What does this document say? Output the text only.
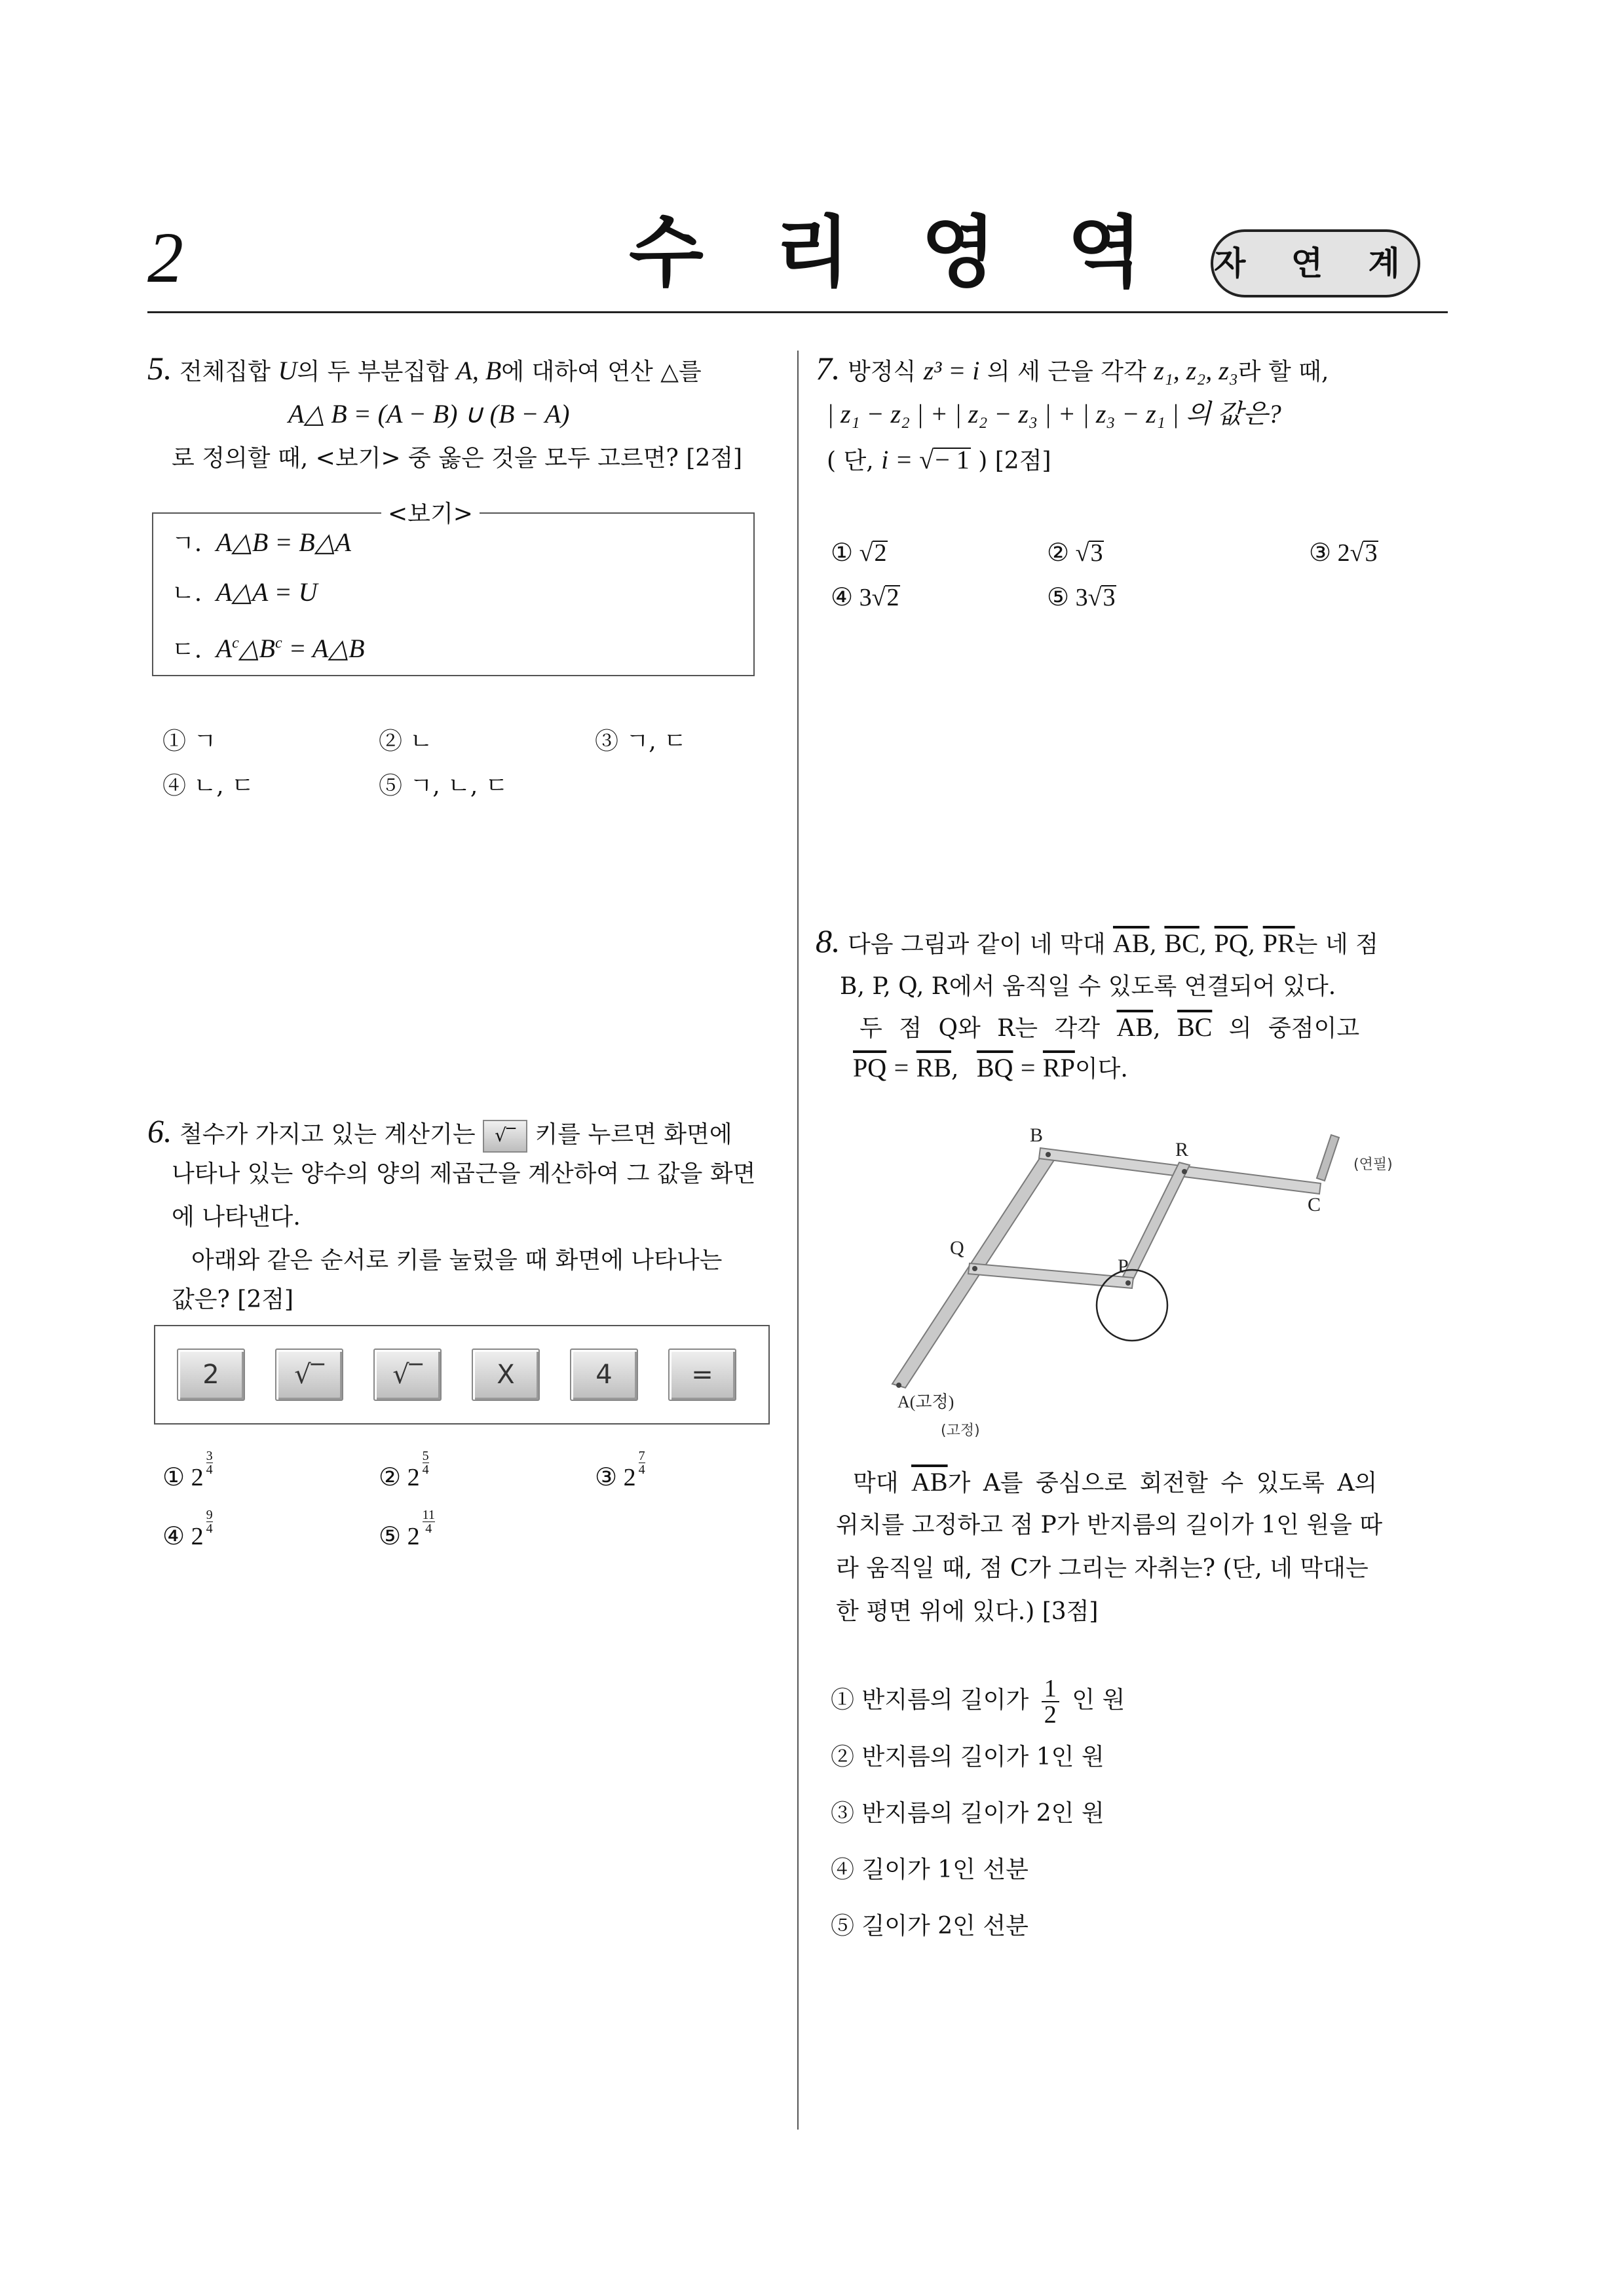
2	수 리 영 역 자 연 계
5. 전체집합 U의 두 부분집합 A, B에 대하여 연산 △를
A△ B = (A − B) ∪ (B − A)
로 정의할 때, <보기> 중 옳은 것을 모두 고르면? [2점]
<보기>
ㄱ. A△B = B△A
ㄴ. A△A = U
ㄷ. $A^c\triangle B^c$ = A△B
① ㄱ	② ㄴ	③ ㄱ, ㄷ
④ ㄴ, ㄷ	⑤ ㄱ, ㄴ, ㄷ
6. 철수가 가지고 있는 계산기는 √‾ 키를 누르면 화면에
나타나 있는 양수의 양의 제곱근을 계산하여 그 값을 화면
에 나타낸다.
아래와 같은 순서로 키를 눌렀을 때 화면에 나타나는
값은? [2점]
2	√‾	√‾	X	4	=
① 2
$\frac{3}{4}$
② 2
$\frac{5}{4}$
③ 2
$\frac{7}{4}$
④ 2
$\frac{9}{4}$
⑤ 2
$\frac{11}{4}$
7. 방정식 z³ = i 의 세 근을 각각 z₁, z₂, z₃라 할 때,
| z₁ − z₂ | + | z₂ − z₃ | + | z₃ − z₁ | 의 값은?
( 단, i = √− 1 ) [2점]
① √2	② √3	③ 2√3
④ 3√2	⑤ 3√3
8. 다음 그림과 같이 네 막대 $\overline{AB}$, $\overline{BC}$, $\overline{PQ}$, $\overline{PR}$는 네 점
B, P, Q, R에서 움직일 수 있도록 연결되어 있다.
두 점 Q와 R는 각각 $\overline{AB}$, $\overline{BC}$ 의 중점이고
$\overline{PQ} = \overline{RB}$, $\overline{BQ} = \overline{RP}$이다.
B
R
C
Q
P
A(고정)
(연필)
(고정)
막대 $\overline{AB}$가 A를 중심으로 회전할 수 있도록 A의
위치를 고정하고 점 P가 반지름의 길이가 1인 원을 따
라 움직일 때, 점 C가 그리는 자취는? (단, 네 막대는
한 평면 위에 있다.) [3점]
① 반지름의 길이가 $\frac{1}{2}$ 인 원
② 반지름의 길이가 1인 원
③ 반지름의 길이가 2인 원
④ 길이가 1인 선분
⑤ 길이가 2인 선분
